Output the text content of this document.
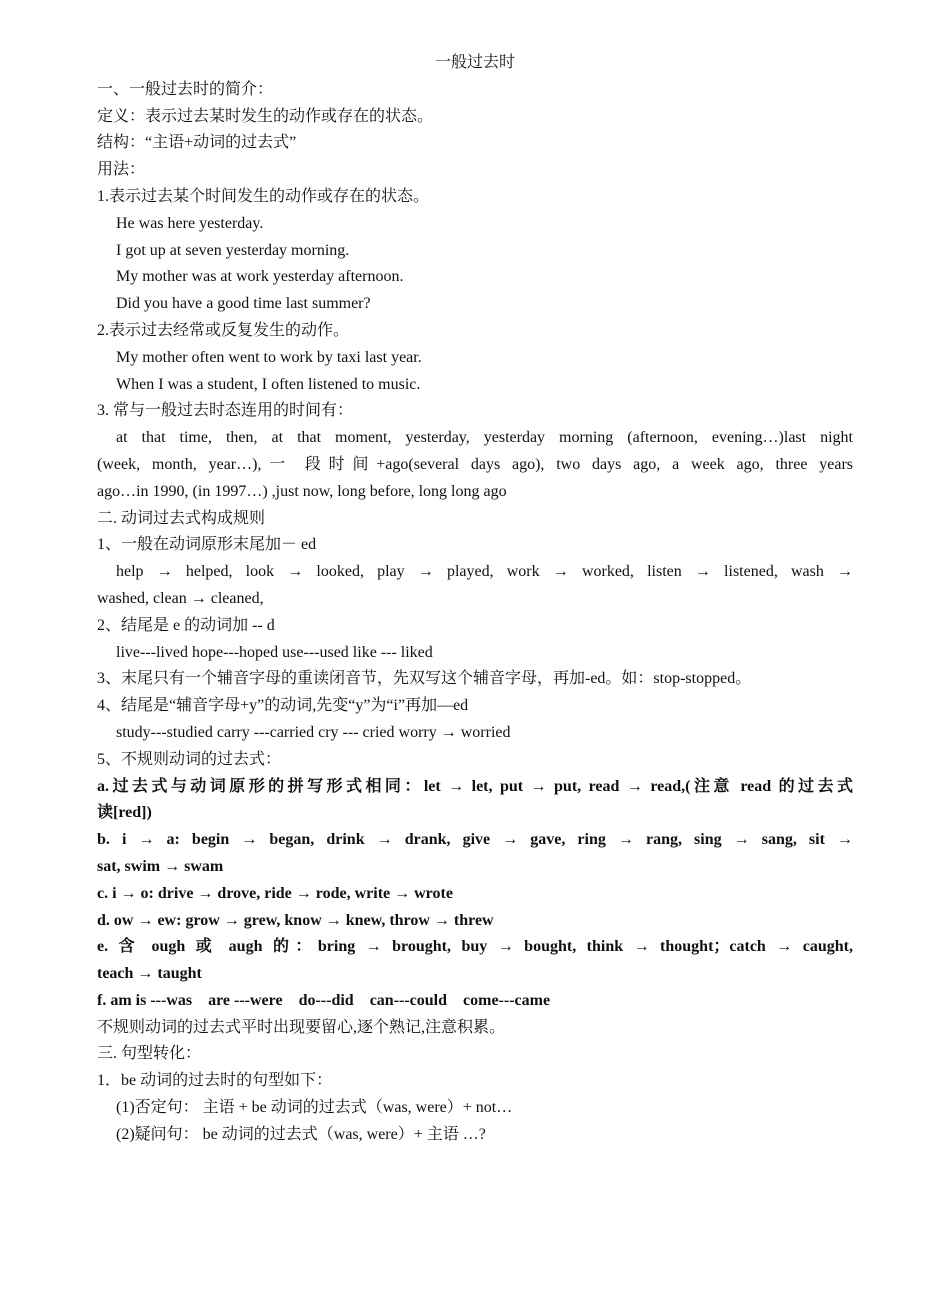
一般过去时
一、一般过去时的简介：
定义：表示过去某时发生的动作或存在的状态。
结构：“主语+动词的过去式”
用法：
1.表示过去某个时间发生的动作或存在的状态。
He was here yesterday.
I got up at seven yesterday morning.
My mother was at work yesterday afternoon.
Did you have a good time last summer?
2.表示过去经常或反复发生的动作。
My mother often went to work by taxi last year.
When I was a student, I often listened to music.
3. 常与一般过去时态连用的时间有：
at that time, then, at that moment, yesterday, yesterday morning (afternoon, evening…)last night
(week, month, year…),一 段时间+ago(several days ago), two days ago, a week ago, three years
ago…in 1990, (in 1997…) ,just now, long before, long long ago
二. 动词过去式构成规则
1、一般在动词原形末尾加－ ed
help → helped, look → looked, play → played, work → worked, listen → listened, wash →
washed, clean → cleaned,
2、结尾是 e 的动词加 -- d
live---lived hope---hoped use---used like --- liked
3、末尾只有一个辅音字母的重读闭音节，先双写这个辅音字母，再加-ed。如：stop-stopped。
4、结尾是“辅音字母+y”的动词,先变“y”为“i”再加—ed
study---studied carry ---carried cry --- cried worry → worried
5、不规则动词的过去式：
a.过去式与动词原形的拼写形式相同：let → let, put → put, read → read,(注意 read 的过去式
读[red])
b. i → a: begin → began, drink → drank, give → gave, ring → rang, sing → sang, sit →
sat, swim → swam
c. i → o: drive → drove, ride → rode, write → wrote
d. ow → ew: grow → grew, know → knew, throw → threw
e. 含 ough 或 augh 的：bring → brought, buy → bought, think → thought；catch → caught,
teach → taught
f. am is ---was    are ---were    do---did    can---could    come---came
不规则动词的过去式平时出现要留心,逐个熟记,注意积累。
三. 句型转化：
1．be 动词的过去时的句型如下：
(1)否定句： 主语 + be 动词的过去式（was, were）+ not…
(2)疑问句： be 动词的过去式（was, were）+ 主语 …?
